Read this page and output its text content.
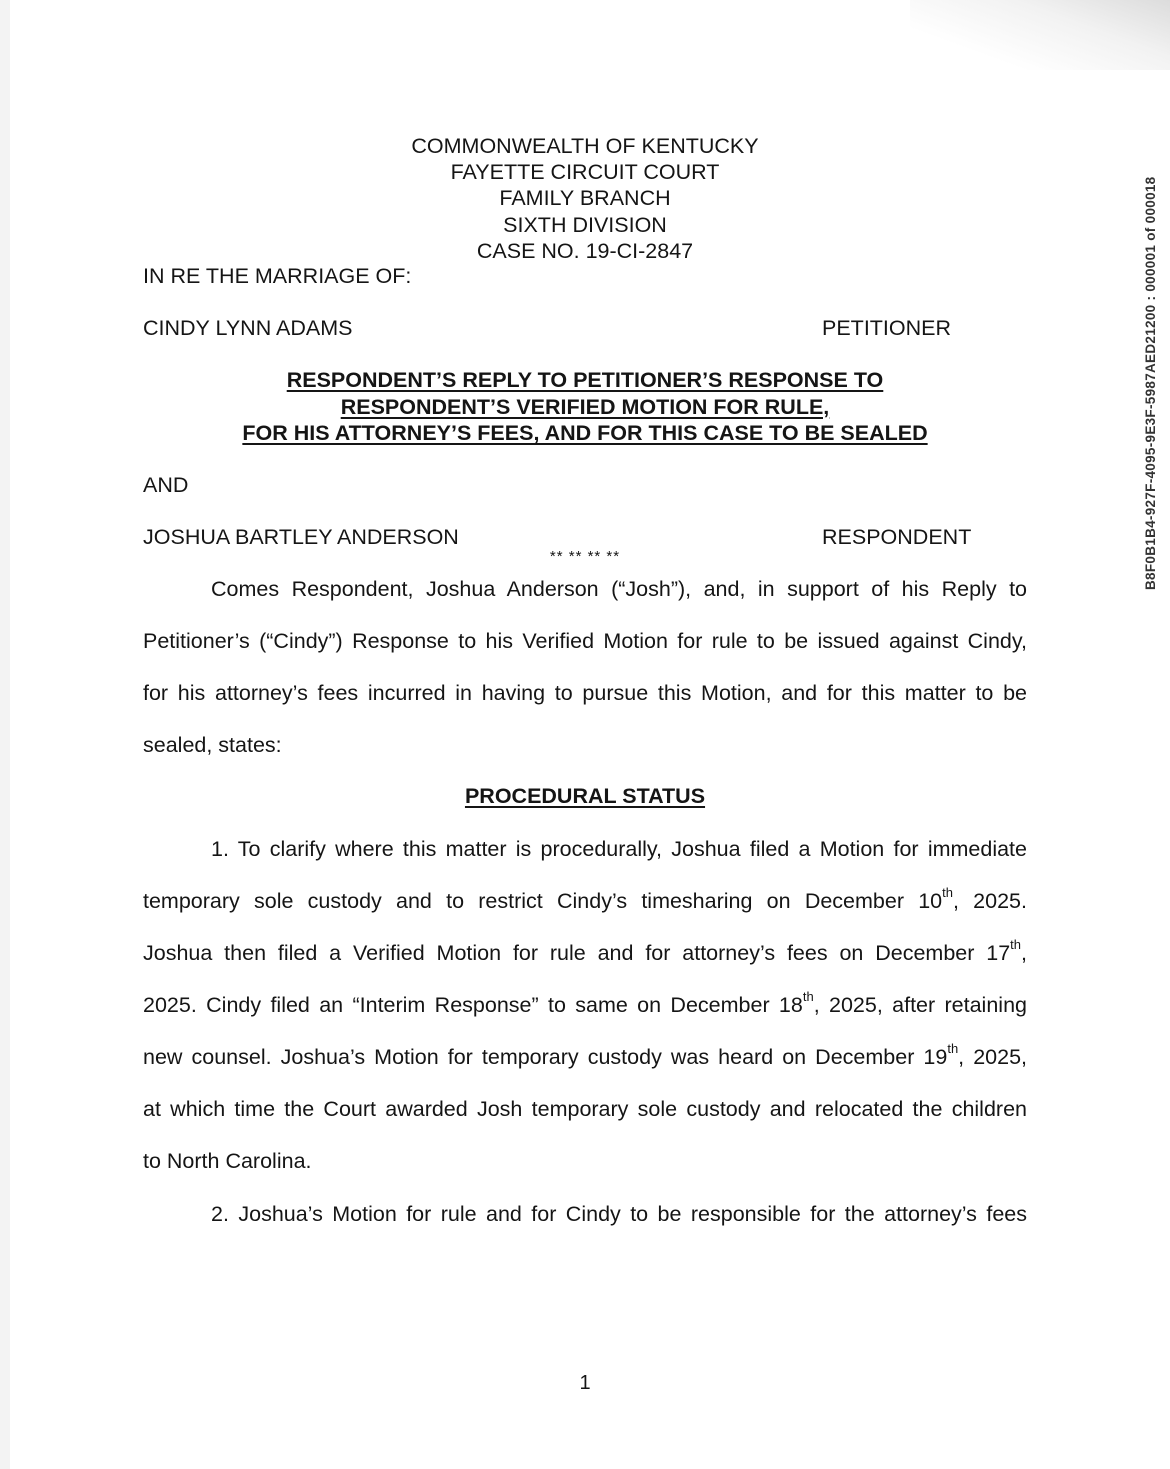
COMMONWEALTH OF KENTUCKY
FAYETTE CIRCUIT COURT
FAMILY BRANCH
SIXTH DIVISION
CASE NO. 19-CI-2847
IN RE THE MARRIAGE OF:
CINDY LYNN ADAMS	PETITIONER
RESPONDENT’S REPLY TO PETITIONER’S RESPONSE TO
RESPONDENT’S VERIFIED MOTION FOR RULE,
FOR HIS ATTORNEY’S FEES, AND FOR THIS CASE TO BE SEALED
AND
JOSHUA BARTLEY ANDERSON	RESPONDENT
** ** ** **
Comes Respondent, Joshua Anderson (“Josh”), and, in support of his Reply to
Petitioner’s (“Cindy”) Response to his Verified Motion for rule to be issued against Cindy,
for his attorney’s fees incurred in having to pursue this Motion, and for this matter to be
sealed, states:
PROCEDURAL STATUS
1. To clarify where this matter is procedurally, Joshua filed a Motion for immediate
temporary sole custody and to restrict Cindy’s timesharing on December 10th, 2025.
Joshua then filed a Verified Motion for rule and for attorney’s fees on December 17th,
2025. Cindy filed an “Interim Response” to same on December 18th, 2025, after retaining
new counsel. Joshua’s Motion for temporary custody was heard on December 19th, 2025,
at which time the Court awarded Josh temporary sole custody and relocated the children
to North Carolina.
2. Joshua’s Motion for rule and for Cindy to be responsible for the attorney’s fees
B8F0B1B4-927F-4095-9E3F-5987AED21200 : 000001 of 000018
1
